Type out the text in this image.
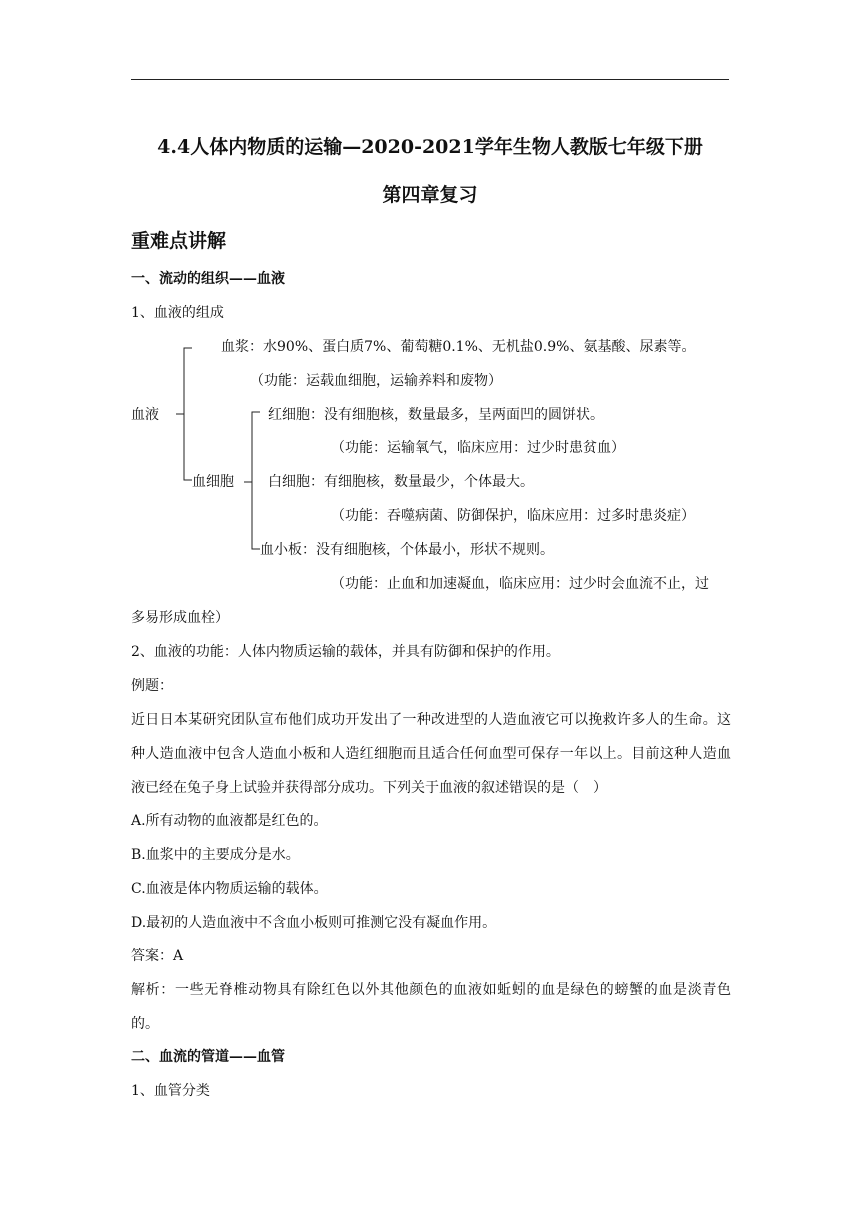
4.4人体内物质的运输—2020-2021学年生物人教版七年级下册
第四章复习
重难点讲解
一、流动的组织——血液
1、血液的组成
血浆：水90%、蛋白质7%、葡萄糖0.1%、无机盐0.9%、氨基酸、尿素等。
（功能：运载血细胞，运输养料和废物）
血液	红细胞：没有细胞核，数量最多，呈两面凹的圆饼状。
（功能：运输氧气，临床应用：过少时患贫血）
血细胞 白细胞：有细胞核，数量最少，个体最大。
（功能：吞噬病菌、防御保护，临床应用：过多时患炎症）
血小板：没有细胞核，个体最小，形状不规则。
（功能：止血和加速凝血，临床应用：过少时会血流不止，过
多易形成血栓）
2、血液的功能：人体内物质运输的载体，并具有防御和保护的作用。
例题：
近日日本某研究团队宣布他们成功开发出了一种改进型的人造血液它可以挽救许多人的生命。这种人造血液中包含人造血小板和人造红细胞而且适合任何血型可保存一年以上。目前这种人造血液已经在兔子身上试验并获得部分成功。下列关于血液的叙述错误的是（　）
A.所有动物的血液都是红色的。
B.血浆中的主要成分是水。
C.血液是体内物质运输的载体。
D.最初的人造血液中不含血小板则可推测它没有凝血作用。
答案：A
解析：一些无脊椎动物具有除红色以外其他颜色的血液如蚯蚓的血是绿色的螃蟹的血是淡青色的。
二、血流的管道——血管
1、血管分类
